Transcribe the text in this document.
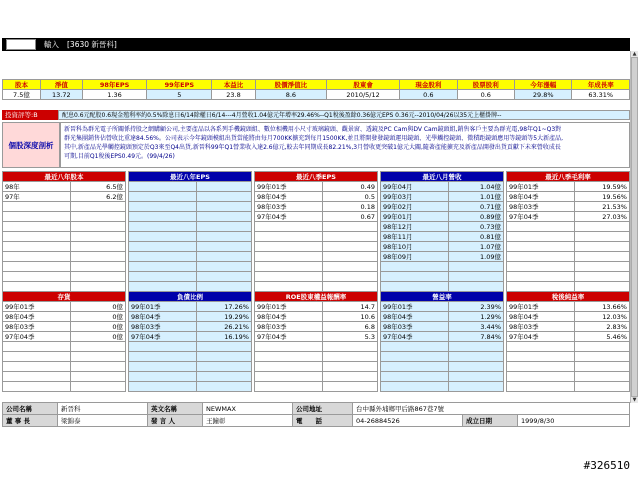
輸入 [3630 新晉科]
▲
▼
股本	淨值	98年EPS	99年EPS	本益比	股價淨值比	股東會	現金股利	股票股利	今年漲幅	年成長率
7.5億	13.72	1.36	5	23.8	8.6	2010/5/12	0.6	0.6	29.8%	63.31%
投資評等:B	配息0.6元配股0.6現金殖利率約0.5%除息日6/14除權日6/14---4月營收1.04億元年增率29.46%--Q1稅後盈餘0.36億元EPS 0.36元--2010/04/26以35元上櫃掛牌--
個股深度剖析
新晉科為群光電子所關係持股之網購顧公司,主要產品以各系列手機鏡頭組、數位相機用小尺寸玻璃鏡頭、觀景窗、透鏡及PC Cam與DV Cam鏡頭組,銷售客戶主要為群光電,98年Q1~Q3對
群光集團銷售佔營收比重達84.56%。公司表示今年鏡頭模組出貨當能將由每月700KK擴充到每月1500KK,並且將開發發鏡頭運用鏡頭、光學觸控鏡頭、微積距鏡頭應用等鏡頭等5大新產品,
其中,新產品光學觸控鏡頭預定於Q3來至Q4出貨,新晉科99年Q1營業收入達2.6億元,較去年同期成長82.21%,3月營收更突破1億元大關,隨著產能擴充及新產品開發出貨貢獻下未來營收成長
可期,目前Q1稅後EPS0.49元。(99/4/26)
最近八年股本	
98年	6.5億
97年	6.2億

最近八年EPS	

		最近八季EPS	
99年01季	0.49
98年04季	0.5
98年03季	0.18
97年04季	0.67

最近八月營收	
99年04月	1.04億
99年03月	1.01億
99年02月	0.71億
99年01月	0.89億
98年12月	0.73億
98年11月	0.81億
98年10月	1.07億
98年09月	1.09億

最近八季毛利率	
99年01季	19.59%
98年04季	19.56%
98年03季	21.53%
97年04季	27.03%

存貨	
99年01季	0億
98年04季	0億
98年03季	0億
97年04季	0億

負債比例	
99年01季	17.26%
98年04季	19.29%
98年03季	26.21%
97年04季	16.19%

ROE股東權益報酬率	
99年01季	14.7
98年04季	10.6
98年03季	6.8
97年04季	5.3

營益率	
99年01季	2.39%
98年04季	1.29%
98年03季	3.44%
97年04季	7.84%

稅後純益率	
99年01季	13.66%
98年04季	12.03%
98年03季	2.83%
97年04季	5.46%

公司名稱	新晉科	英文名稱	NEWMAX	公司地址	台中縣外埔鄉甲后路867巷7號		
董 事 長	梁錦泰	發 言 人	王鐘彰	電　　話	04-26884526	成立日期	1999/8/30
#326510
